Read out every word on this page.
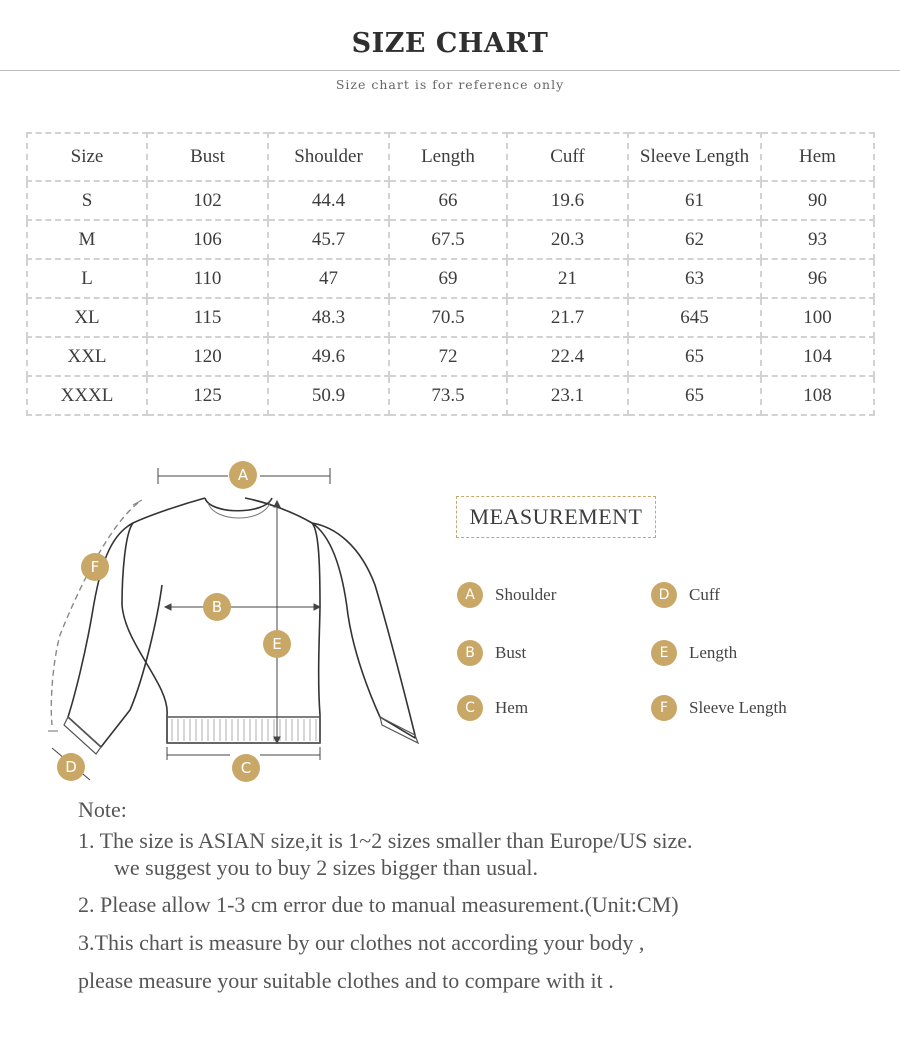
SIZE CHART
Size chart is for reference only
Size	Bust	Shoulder	Length	Cuff	Sleeve Length	Hem
S	102	44.4	66	19.6	61	90
M	106	45.7	67.5	20.3	62	93
L	110	47	69	21	63	96
XL	115	48.3	70.5	21.7	645	100
XXL	120	49.6	72	22.4	65	104
XXXL	125	50.9	73.5	23.1	65	108
A
B
C
D
E
F
MEASUREMENT
A	Shoulder
B	Bust
C	Hem
D	Cuff
E	Length
F	Sleeve Length
Note:
1. The size is ASIAN size,it is 1~2 sizes smaller than Europe/US size.
we suggest you to buy 2 sizes bigger than usual.
2. Please allow 1-3 cm error due to manual measurement.(Unit:CM)
3.This chart is measure by our clothes not according your body ,
please measure your suitable clothes and to compare with it .
